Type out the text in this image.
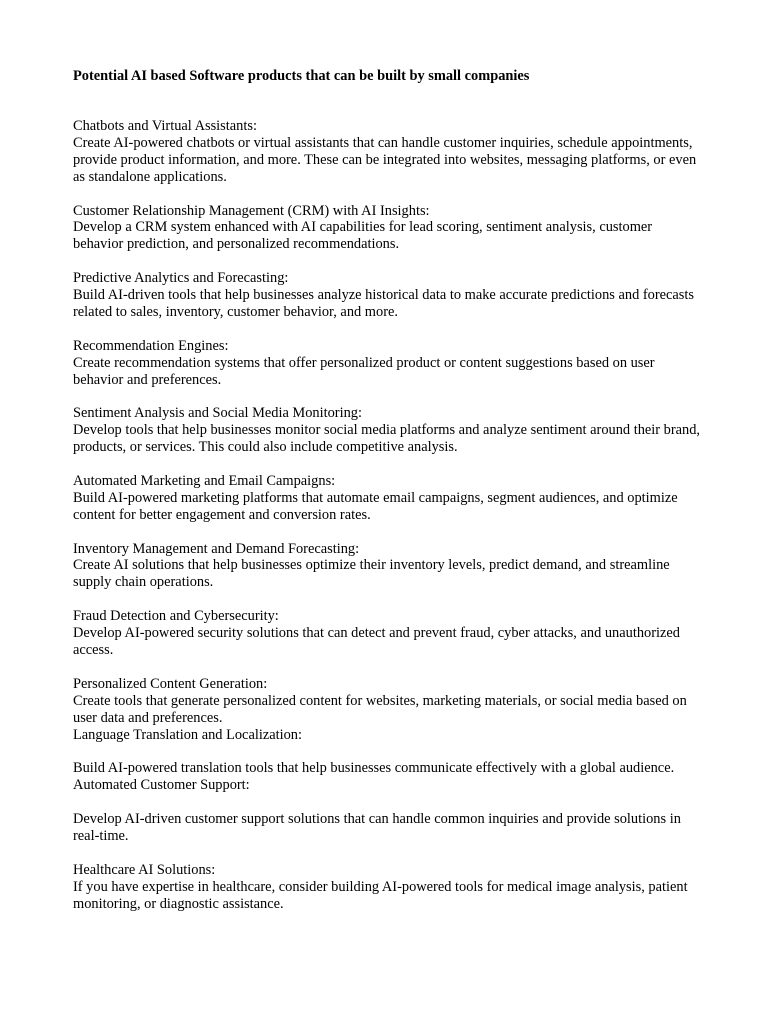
Potential AI based Software products that can be built by small companies

Chatbots and Virtual Assistants:

Create AI-powered chatbots or virtual assistants that can handle customer inquiries, schedule appointments, provide product information, and more. These can be integrated into websites, messaging platforms, or even as standalone applications.

Customer Relationship Management (CRM) with AI Insights:

Develop a CRM system enhanced with AI capabilities for lead scoring, sentiment analysis, customer behavior prediction, and personalized recommendations.

Predictive Analytics and Forecasting:

Build AI-driven tools that help businesses analyze historical data to make accurate predictions and forecasts related to sales, inventory, customer behavior, and more.

Recommendation Engines:

Create recommendation systems that offer personalized product or content suggestions based on user behavior and preferences.

Sentiment Analysis and Social Media Monitoring:

Develop tools that help businesses monitor social media platforms and analyze sentiment around their brand, products, or services. This could also include competitive analysis.

Automated Marketing and Email Campaigns:

Build AI-powered marketing platforms that automate email campaigns, segment audiences, and optimize content for better engagement and conversion rates.

Inventory Management and Demand Forecasting:

Create AI solutions that help businesses optimize their inventory levels, predict demand, and streamline supply chain operations.

Fraud Detection and Cybersecurity:

Develop AI-powered security solutions that can detect and prevent fraud, cyber attacks, and unauthorized access.

Personalized Content Generation:

Create tools that generate personalized content for websites, marketing materials, or social media based on user data and preferences.

Language Translation and Localization:

Build AI-powered translation tools that help businesses communicate effectively with a global audience.

Automated Customer Support:

Develop AI-driven customer support solutions that can handle common inquiries and provide solutions in real-time.

Healthcare AI Solutions:

If you have expertise in healthcare, consider building AI-powered tools for medical image analysis, patient monitoring, or diagnostic assistance.
